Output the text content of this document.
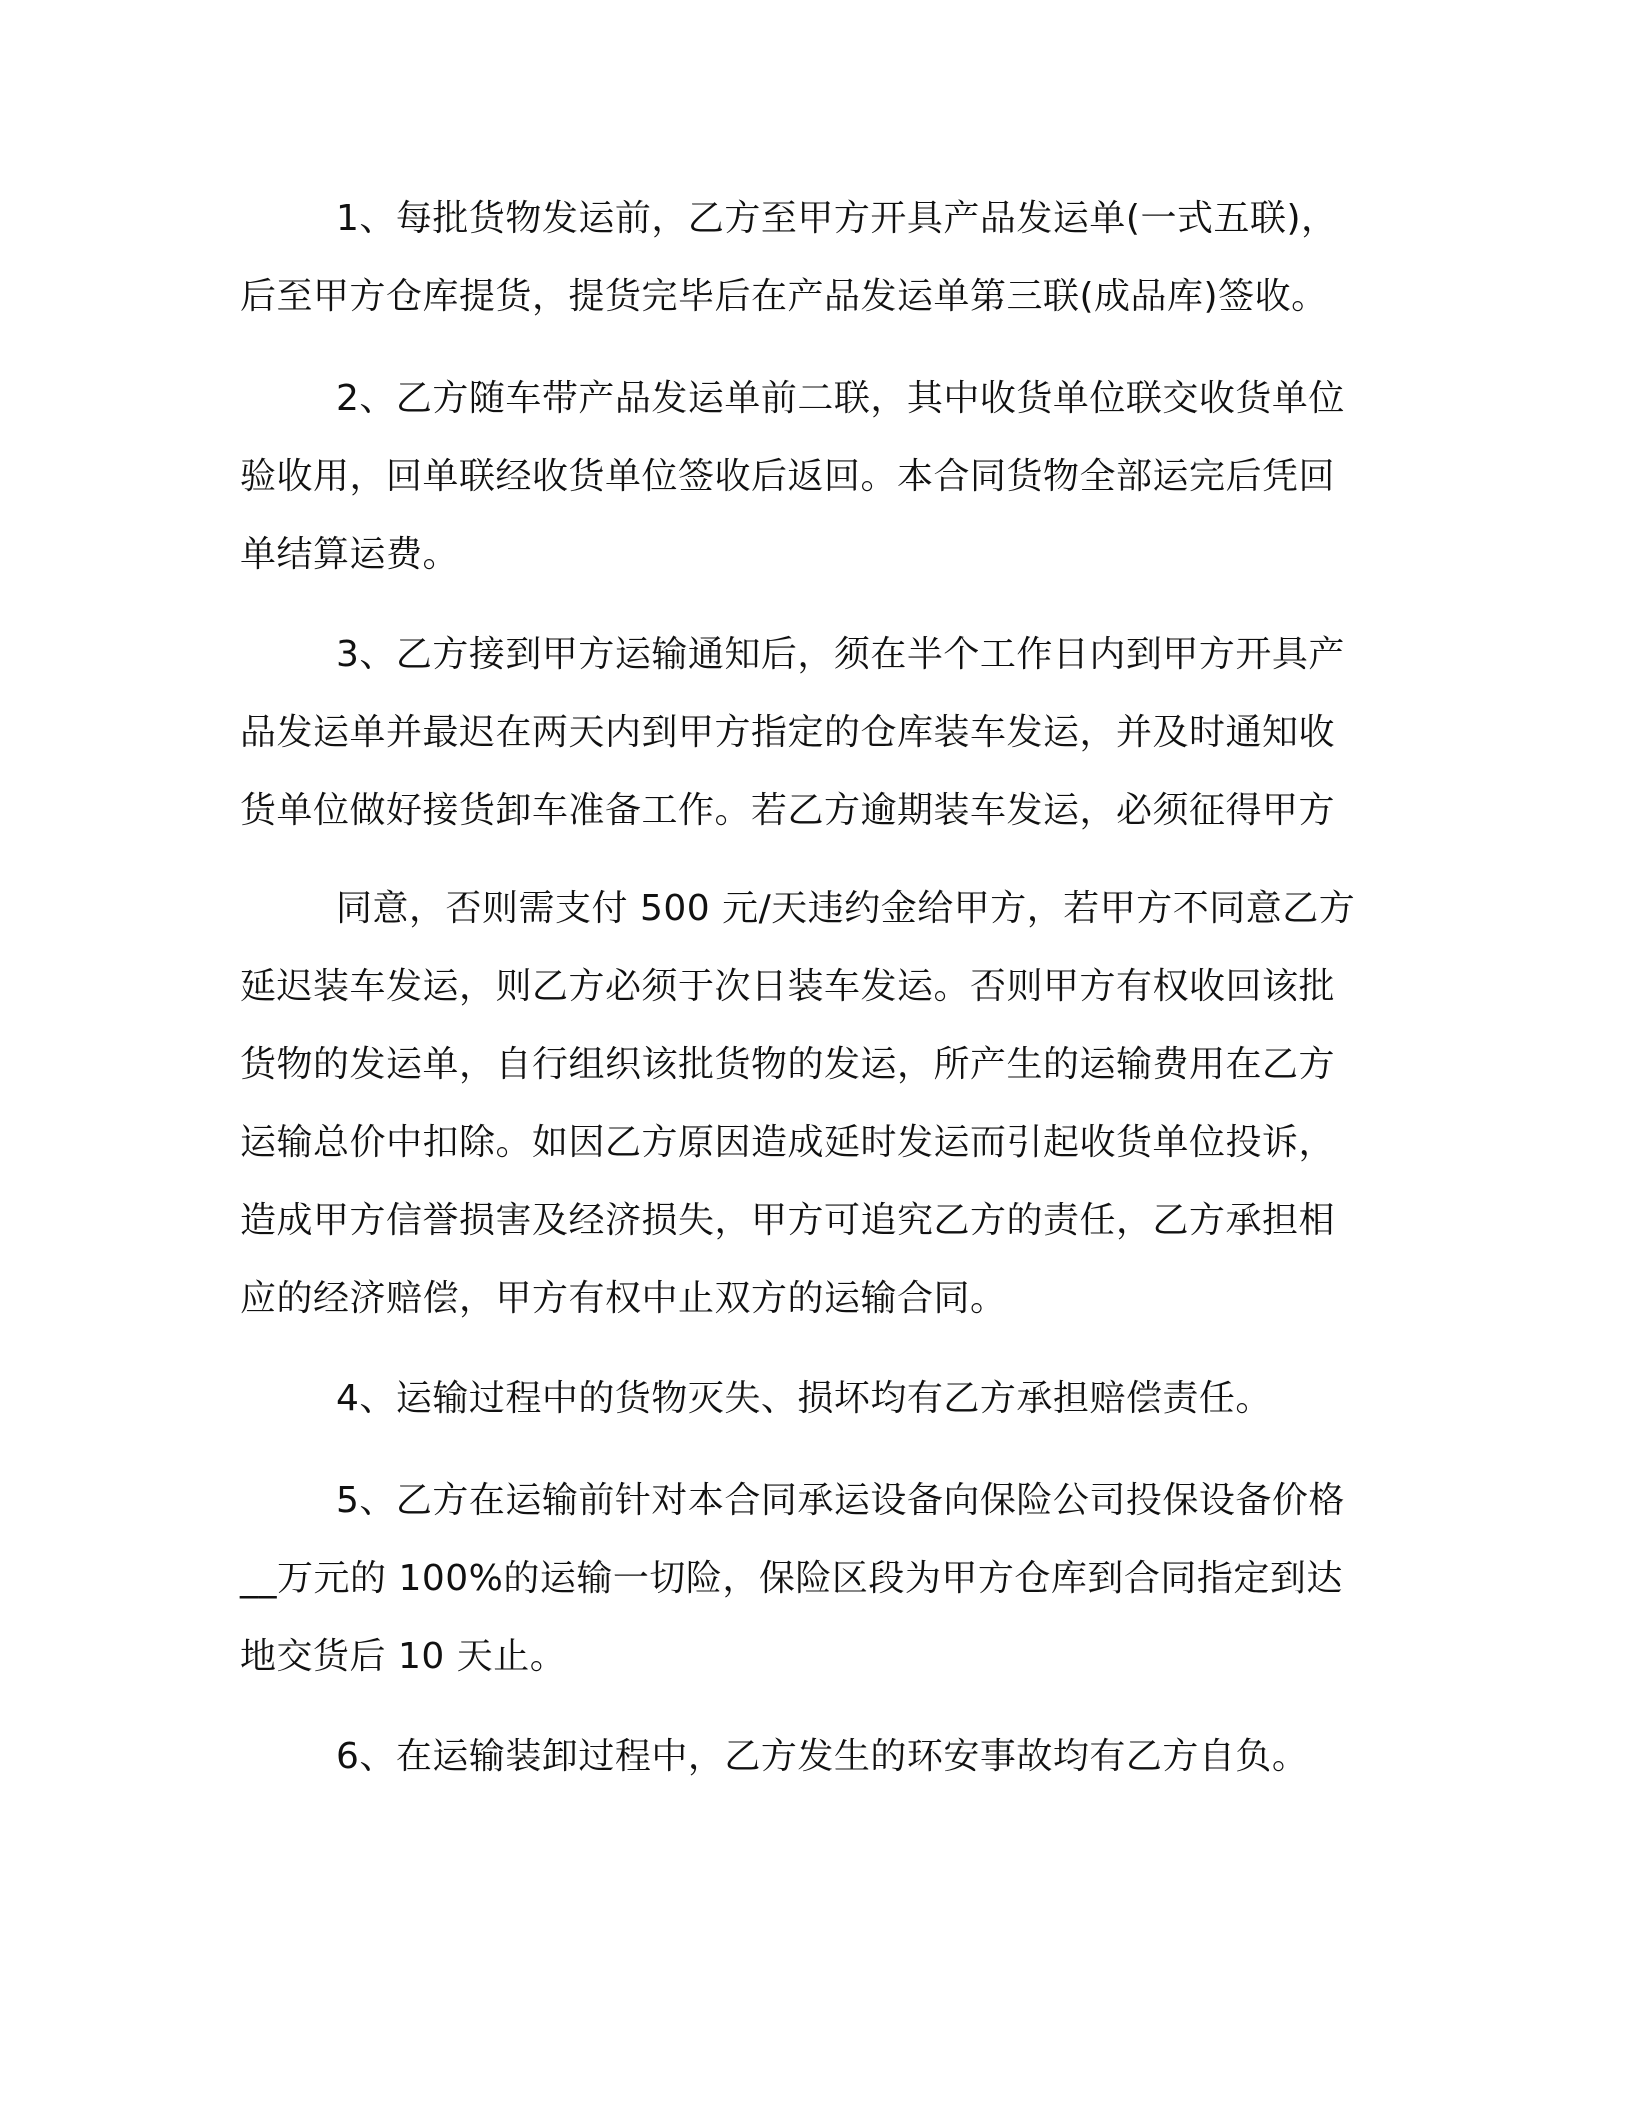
1、每批货物发运前，乙方至甲方开具产品发运单(一式五联)，
后至甲方仓库提货，提货完毕后在产品发运单第三联(成品库)签收。
2、乙方随车带产品发运单前二联，其中收货单位联交收货单位
验收用，回单联经收货单位签收后返回。本合同货物全部运完后凭回
单结算运费。
3、乙方接到甲方运输通知后，须在半个工作日内到甲方开具产
品发运单并最迟在两天内到甲方指定的仓库装车发运，并及时通知收
货单位做好接货卸车准备工作。若乙方逾期装车发运，必须征得甲方
同意，否则需支付 500 元/天违约金给甲方，若甲方不同意乙方
延迟装车发运，则乙方必须于次日装车发运。否则甲方有权收回该批
货物的发运单，自行组织该批货物的发运，所产生的运输费用在乙方
运输总价中扣除。如因乙方原因造成延时发运而引起收货单位投诉，
造成甲方信誉损害及经济损失，甲方可追究乙方的责任，乙方承担相
应的经济赔偿，甲方有权中止双方的运输合同。
4、运输过程中的货物灭失、损坏均有乙方承担赔偿责任。
5、乙方在运输前针对本合同承运设备向保险公司投保设备价格
__万元的 100%的运输一切险，保险区段为甲方仓库到合同指定到达
地交货后 10 天止。
6、在运输装卸过程中，乙方发生的环安事故均有乙方自负。
